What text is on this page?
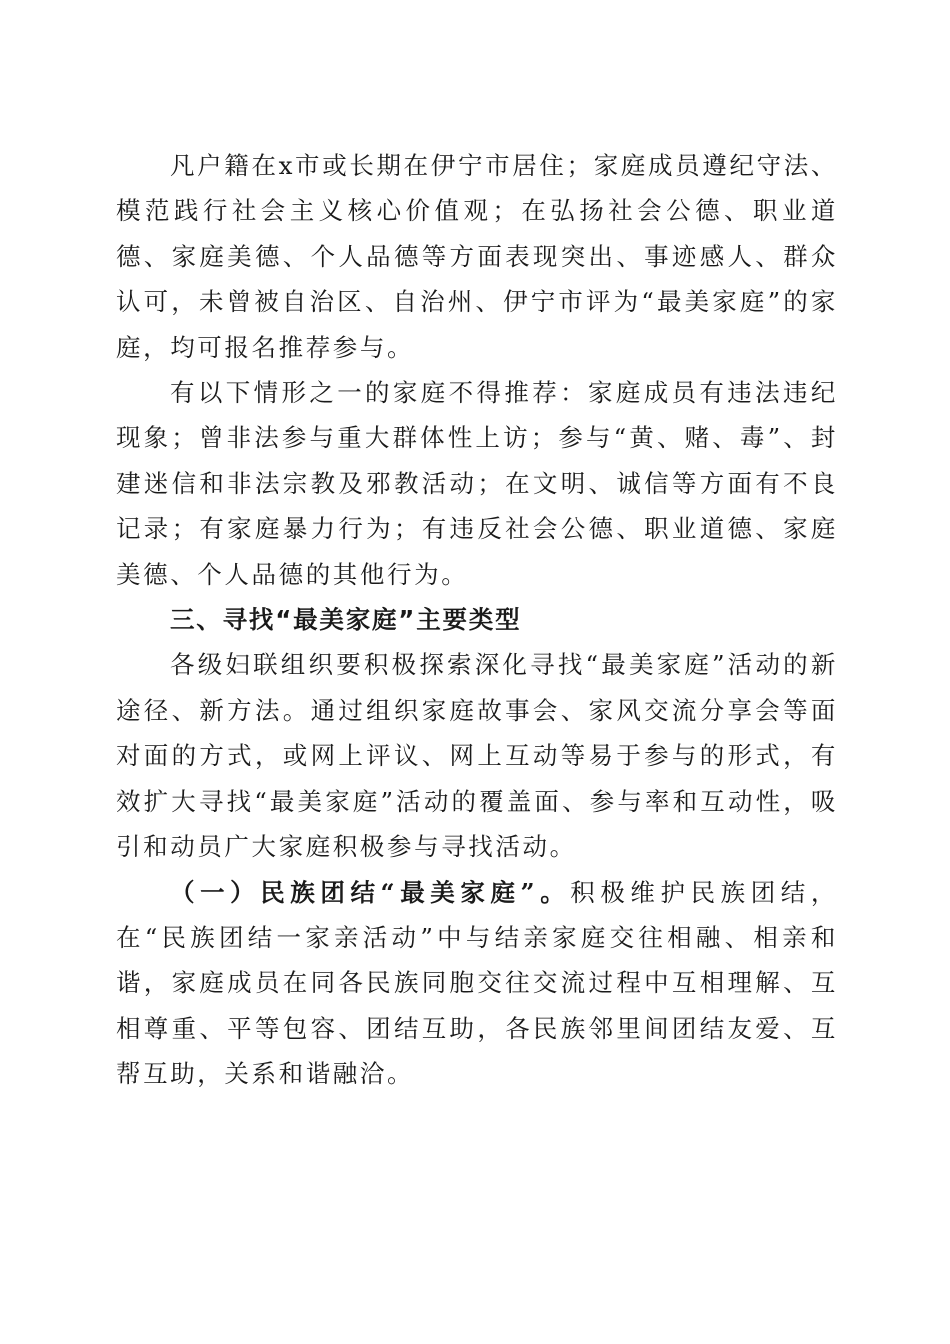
凡户籍在x市或长期在伊宁市居住；家庭成员遵纪守法、模范践行社会主义核心价值观；在弘扬社会公德、职业道德、家庭美德、个人品德等方面表现突出、事迹感人、群众认可，未曾被自治区、自治州、伊宁市评为“最美家庭”的家庭，均可报名推荐参与。

有以下情形之一的家庭不得推荐：家庭成员有违法违纪现象；曾非法参与重大群体性上访；参与“黄、赌、毒”、封建迷信和非法宗教及邪教活动；在文明、诚信等方面有不良记录；有家庭暴力行为；有违反社会公德、职业道德、家庭美德、个人品德的其他行为。

三、寻找“最美家庭”主要类型

各级妇联组织要积极探索深化寻找“最美家庭”活动的新途径、新方法。通过组织家庭故事会、家风交流分享会等面对面的方式，或网上评议、网上互动等易于参与的形式，有效扩大寻找“最美家庭”活动的覆盖面、参与率和互动性，吸引和动员广大家庭积极参与寻找活动。

（一）民族团结“最美家庭”。积极维护民族团结，在“民族团结一家亲活动”中与结亲家庭交往相融、相亲和谐，家庭成员在同各民族同胞交往交流过程中互相理解、互相尊重、平等包容、团结互助，各民族邻里间团结友爱、互帮互助，关系和谐融洽。
